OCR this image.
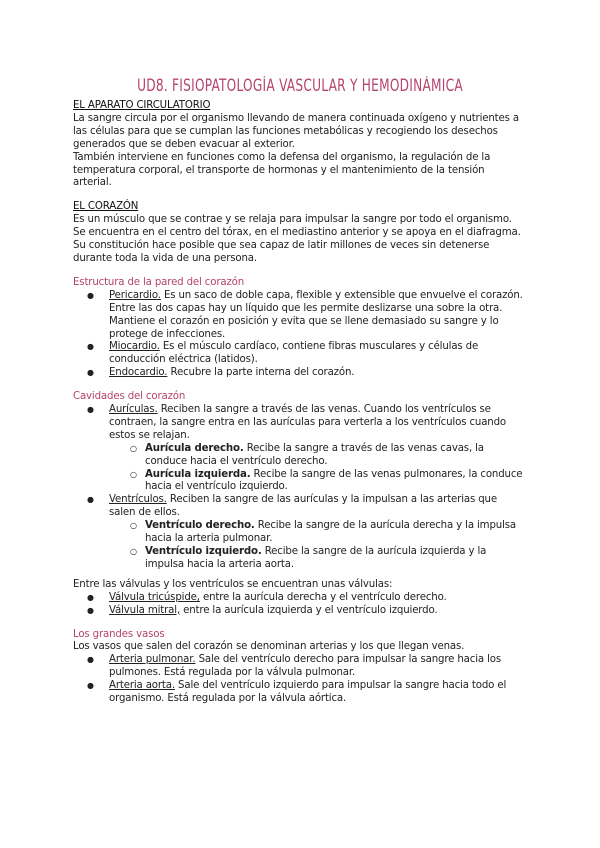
UD8. FISIOPATOLOGÍA VASCULAR Y HEMODINÁMICA

EL APARATO CIRCULATORIO

La sangre circula por el organismo llevando de manera continuada oxígeno y nutrientes a las células para que se cumplan las funciones metabólicas y recogiendo los desechos generados que se deben evacuar al exterior.

También interviene en funciones como la defensa del organismo, la regulación de la temperatura corporal, el transporte de hormonas y el mantenimiento de la tensión arterial.

EL CORAZÓN

Es un músculo que se contrae y se relaja para impulsar la sangre por todo el organismo.

Se encuentra en el centro del tórax, en el mediastino anterior y se apoya en el diafragma.

Su constitución hace posible que sea capaz de latir millones de veces sin detenerse durante toda la vida de una persona.

Estructura de la pared del corazón

● Pericardio. Es un saco de doble capa, flexible y extensible que envuelve el corazón. Entre las dos capas hay un líquido que les permite deslizarse una sobre la otra. Mantiene el corazón en posición y evita que se llene demasiado su sangre y lo protege de infecciones.
● Miocardio. Es el músculo cardíaco, contiene fibras musculares y células de conducción eléctrica (latidos).
● Endocardio. Recubre la parte interna del corazón.

Cavidades del corazón

● Aurículas. Reciben la sangre a través de las venas. Cuando los ventrículos se contraen, la sangre entra en las aurículas para verterla a los ventrículos cuando estos se relajan.
○ Aurícula derecho. Recibe la sangre a través de las venas cavas, la conduce hacia el ventrículo derecho.
○ Aurícula izquierda. Recibe la sangre de las venas pulmonares, la conduce hacia el ventrículo izquierdo.
● Ventrículos. Reciben la sangre de las aurículas y la impulsan a las arterias que salen de ellos.
○ Ventrículo derecho. Recibe la sangre de la aurícula derecha y la impulsa hacia la arteria pulmonar.
○ Ventrículo izquierdo. Recibe la sangre de la aurícula izquierda y la impulsa hacia la arteria aorta.

Entre las válvulas y los ventrículos se encuentran unas válvulas:

● Válvula tricúspide, entre la aurícula derecha y el ventrículo derecho.
● Válvula mitral, entre la aurícula izquierda y el ventrículo izquierdo.

Los grandes vasos

Los vasos que salen del corazón se denominan arterias y los que llegan venas.

● Arteria pulmonar. Sale del ventrículo derecho para impulsar la sangre hacia los pulmones. Está regulada por la válvula pulmonar.
● Arteria aorta. Sale del ventrículo izquierdo para impulsar la sangre hacia todo el organismo. Está regulada por la válvula aórtica.
